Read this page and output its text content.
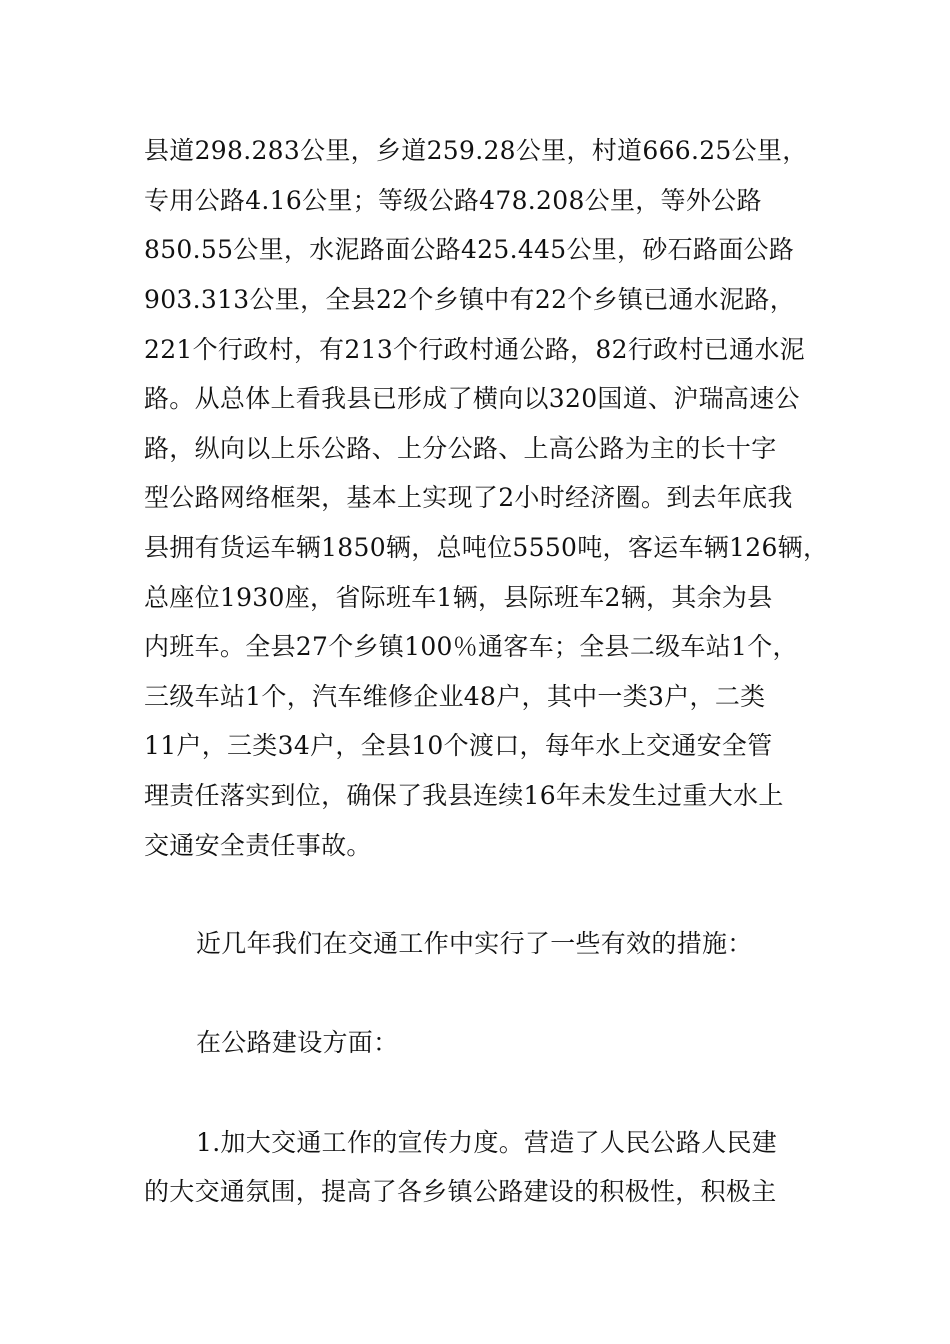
县道298.283公里，乡道259.28公里，村道666.25公里，
专用公路4.16公里；等级公路478.208公里，等外公路
850.55公里，水泥路面公路425.445公里，砂石路面公路
903.313公里，全县22个乡镇中有22个乡镇已通水泥路，
221个行政村，有213个行政村通公路，82行政村已通水泥
路。从总体上看我县已形成了横向以320国道、沪瑞高速公
路，纵向以上乐公路、上分公路、上高公路为主的长十字
型公路网络框架，基本上实现了2小时经济圈。到去年底我
县拥有货运车辆1850辆，总吨位5550吨，客运车辆126辆，
总座位1930座，省际班车1辆，县际班车2辆，其余为县
内班车。全县27个乡镇100％通客车；全县二级车站1个，
三级车站1个，汽车维修企业48户，其中一类3户，二类
11户，三类34户，全县10个渡口，每年水上交通安全管
理责任落实到位，确保了我县连续16年未发生过重大水上
交通安全责任事故。
近几年我们在交通工作中实行了一些有效的措施：
在公路建设方面：
1.加大交通工作的宣传力度。营造了人民公路人民建
的大交通氛围，提高了各乡镇公路建设的积极性，积极主
